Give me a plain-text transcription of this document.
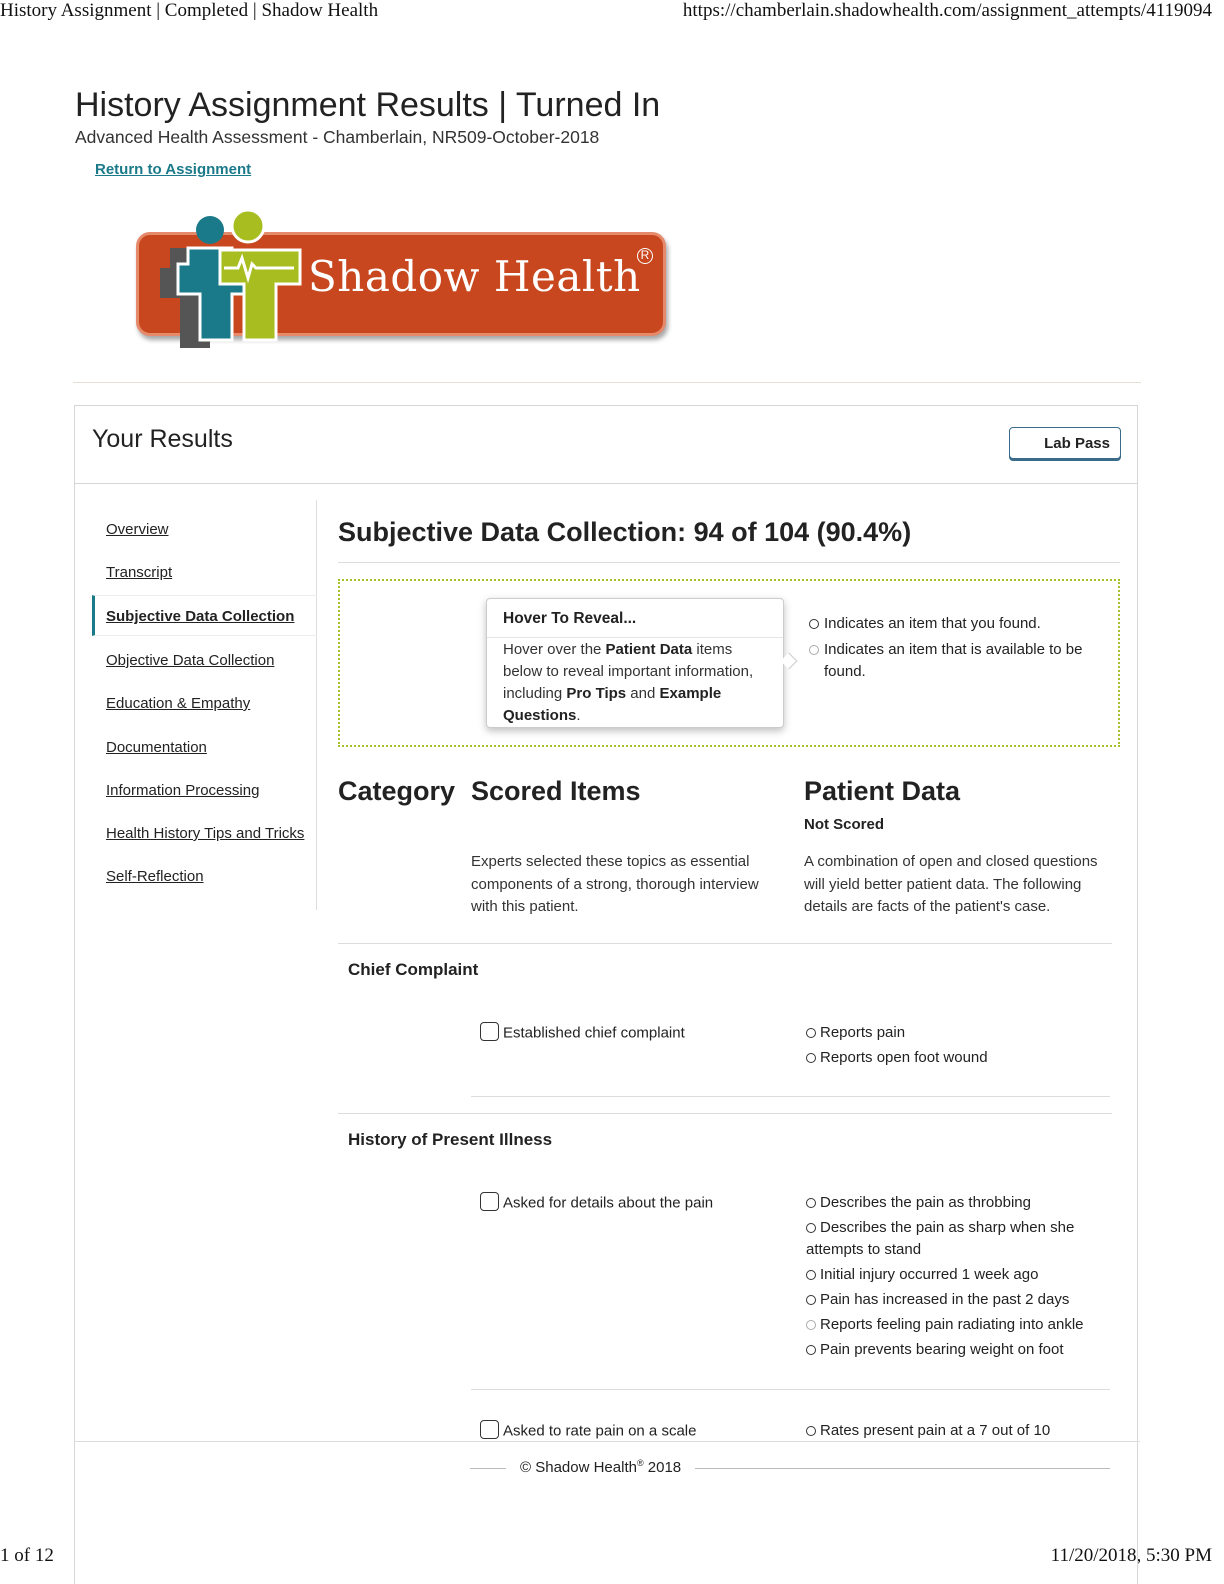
History Assignment | Completed | Shadow Health	https://chamberlain.shadowhealth.com/assignment_attempts/4119094
1 of 12	11/20/2018, 5:30 PM
History Assignment Results | Turned In
Advanced Health Assessment - Chamberlain, NR509-October-2018
Return to Assignment
Shadow Health R
Your Results	Lab Pass
Overview
Transcript
Subjective Data Collection
Objective Data Collection
Education & Empathy
Documentation
Information Processing
Health History Tips and Tricks
Self-Reflection
Subjective Data Collection: 94 of 104 (90.4%)
Hover To Reveal...
Hover over the Patient Data items below to reveal important information, including Pro Tips and Example Questions.
Indicates an item that you found.
Indicates an item that is available to be found.
Category Scored Items	Patient Data
Not Scored
Experts selected these topics as essential components of a strong, thorough interview with this patient.
A combination of open and closed questions will yield better patient data. The following details are facts of the patient's case.
Chief Complaint
Established chief complaint	Reports pain
Reports open foot wound
History of Present Illness
Asked for details about the pain	Describes the pain as throbbing
Describes the pain as sharp when she attempts to stand
Initial injury occurred 1 week ago
Pain has increased in the past 2 days
Reports feeling pain radiating into ankle
Pain prevents bearing weight on foot
Asked to rate pain on a scale	Rates present pain at a 7 out of 10
© Shadow Health® 2018
